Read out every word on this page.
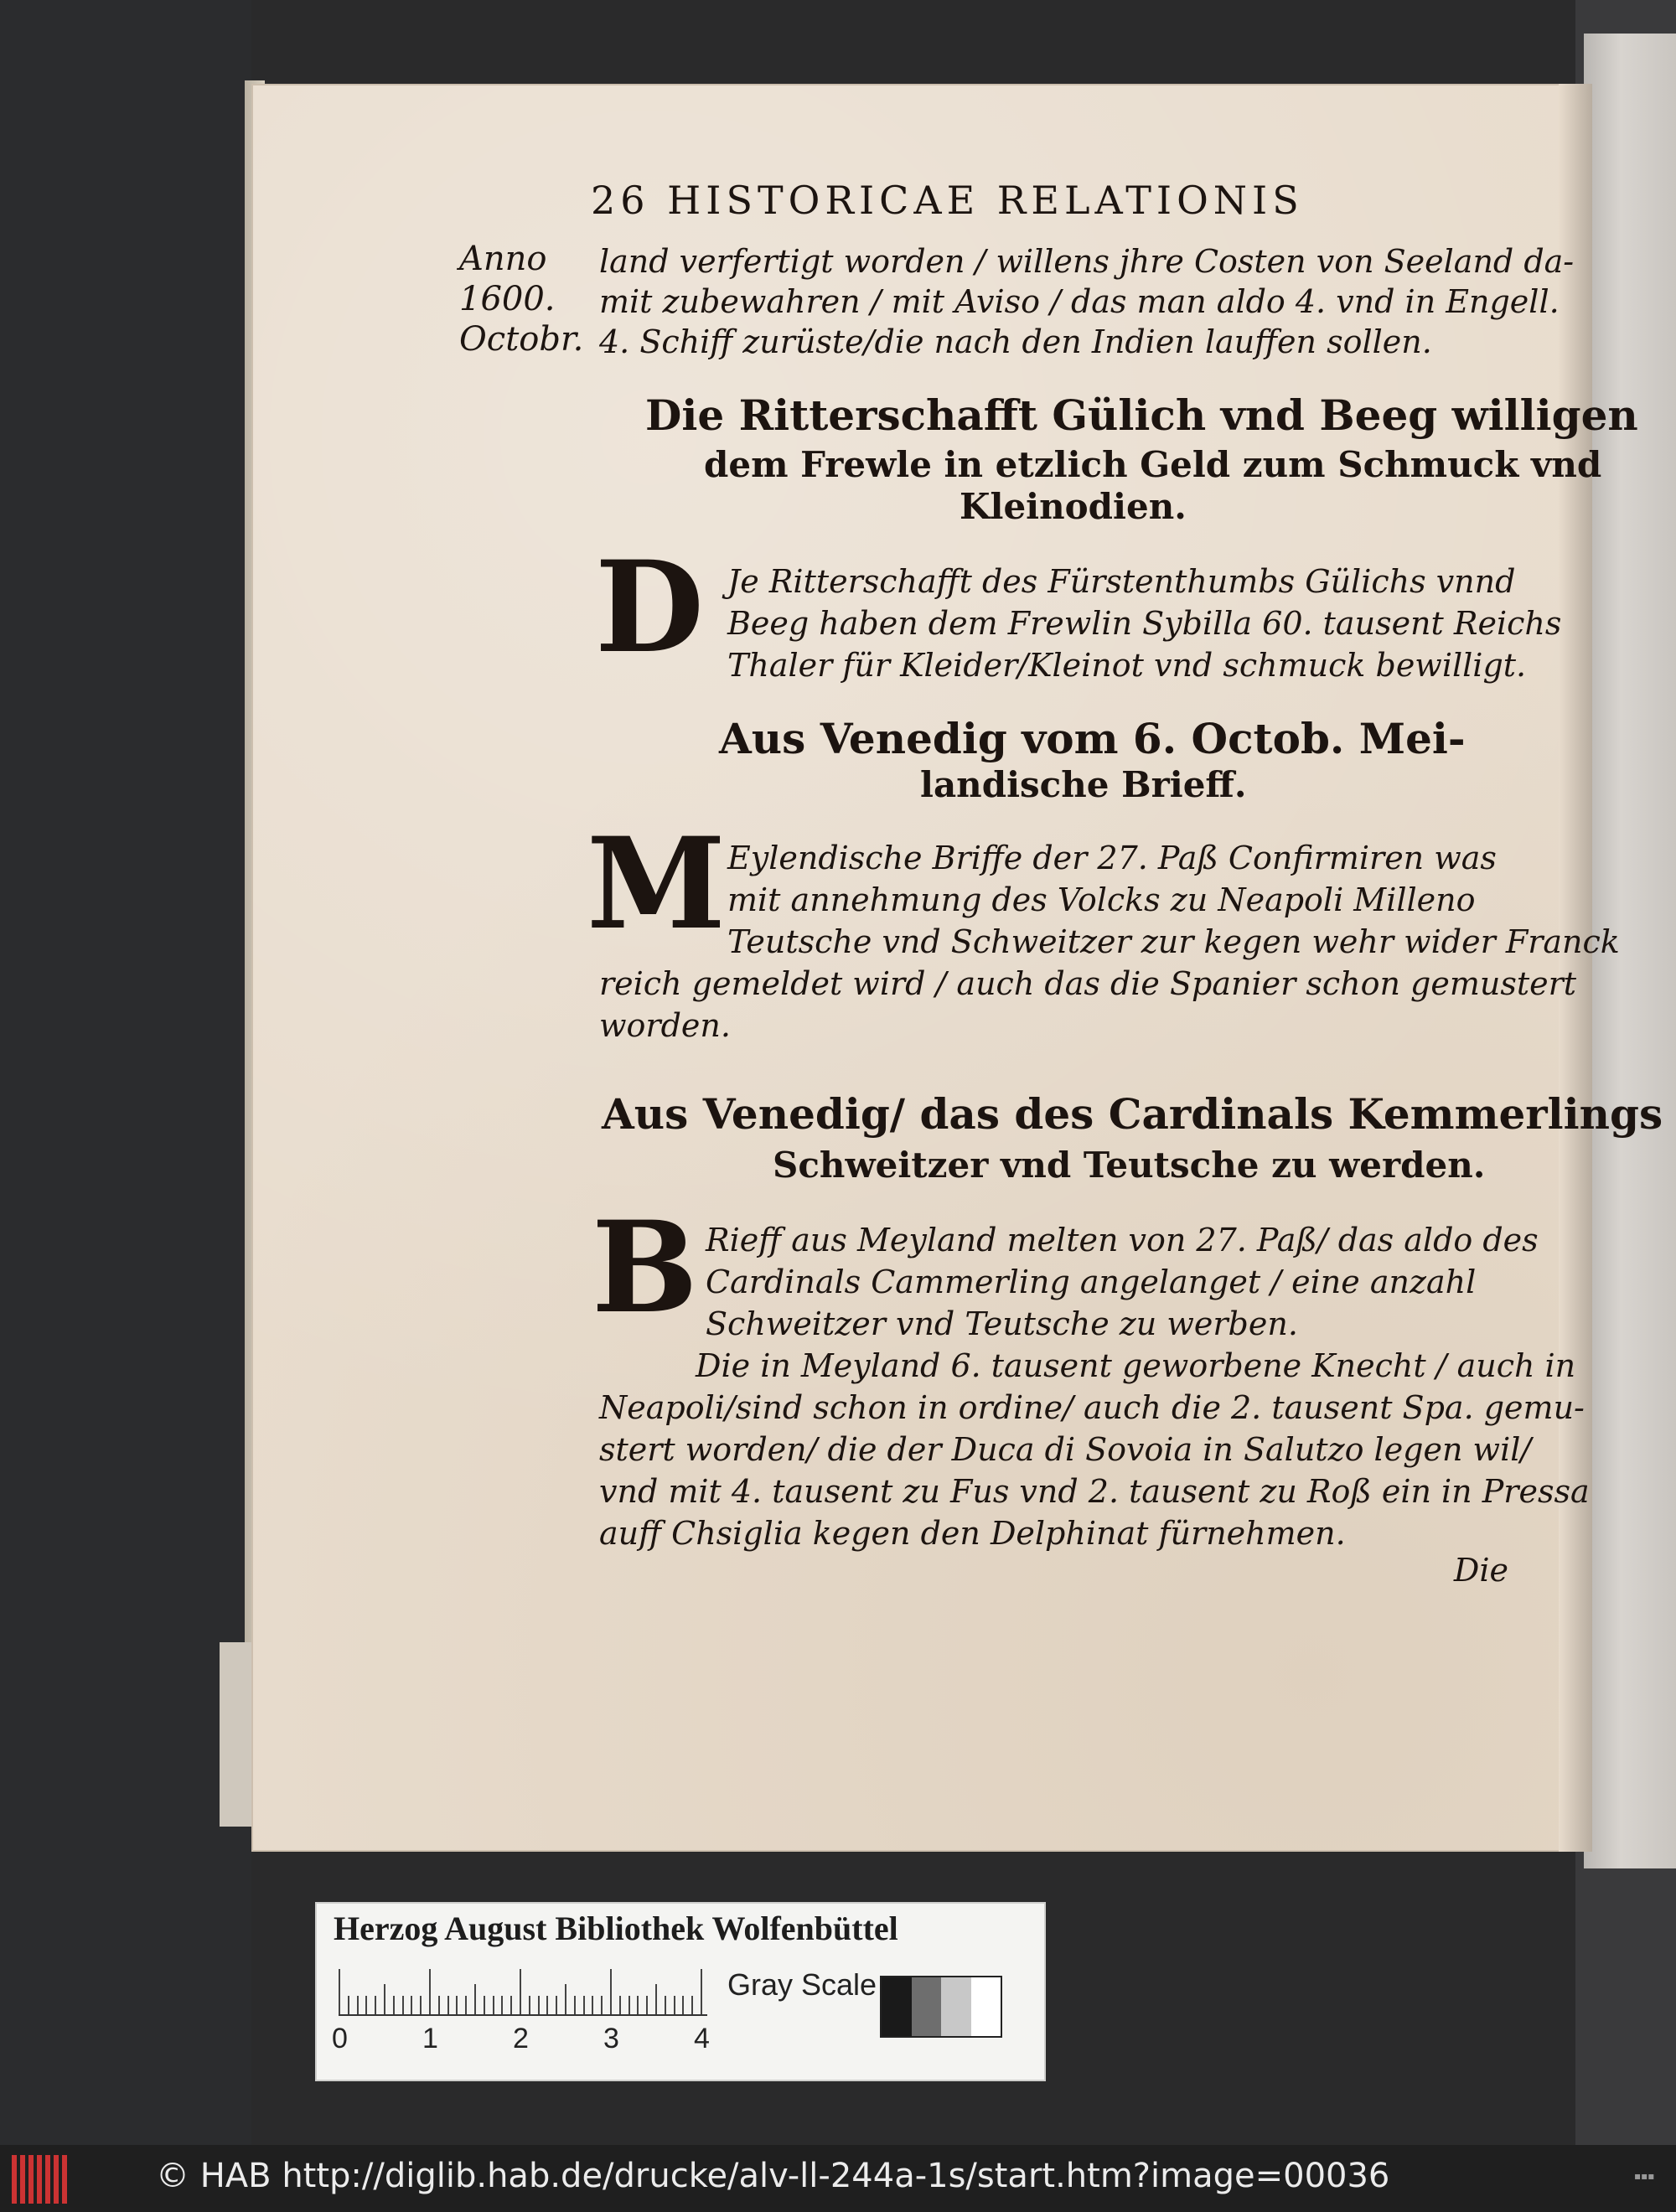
26 HISTORICAE RELATIONIS
Anno
1600.
Octobr.
land verfertigt worden / willens jhre Costen von Seeland da-
mit zubewahren / mit Aviso / das man aldo 4. vnd in Engell.
4. Schiff zurüste/die nach den Indien lauffen sollen.
Die Ritterschafft Gülich vnd Beeg willigen
dem Frewle in etzlich Geld zum Schmuck vnd
Kleinodien.
D Je Ritterschafft des Fürstenthumbs Gülichs vnnd
Beeg haben dem Frewlin Sybilla 60. tausent Reichs
Thaler für Kleider/Kleinot vnd schmuck bewilligt.
Aus Venedig vom 6. Octob. Mei-
landische Brieff.
M Eylendische Briffe der 27. Paß Confirmiren was
mit annehmung des Volcks zu Neapoli Milleno
Teutsche vnd Schweitzer zur kegen wehr wider Franck
reich gemeldet wird / auch das die Spanier schon gemustert
worden.
Aus Venedig/ das des Cardinals Kemmerlings
Schweitzer vnd Teutsche zu werden.
B Rieff aus Meyland melten von 27. Paß/ das aldo des
Cardinals Cammerling angelanget / eine anzahl
Schweitzer vnd Teutsche zu werben.
Die in Meyland 6. tausent geworbene Knecht / auch in
Neapoli/sind schon in ordine/ auch die 2. tausent Spa. gemu-
stert worden/ die der Duca di Sovoia in Salutzo legen wil/
vnd mit 4. tausent zu Fus vnd 2. tausent zu Roß ein in Pressa
auff Chsiglia kegen den Delphinat fürnehmen.
Die
Herzog August Bibliothek Wolfenbüttel
0	1	2	3	4
Gray Scale
© HAB http://diglib.hab.de/drucke/alv-ll-244a-1s/start.htm?image=00036	▪▪▪
